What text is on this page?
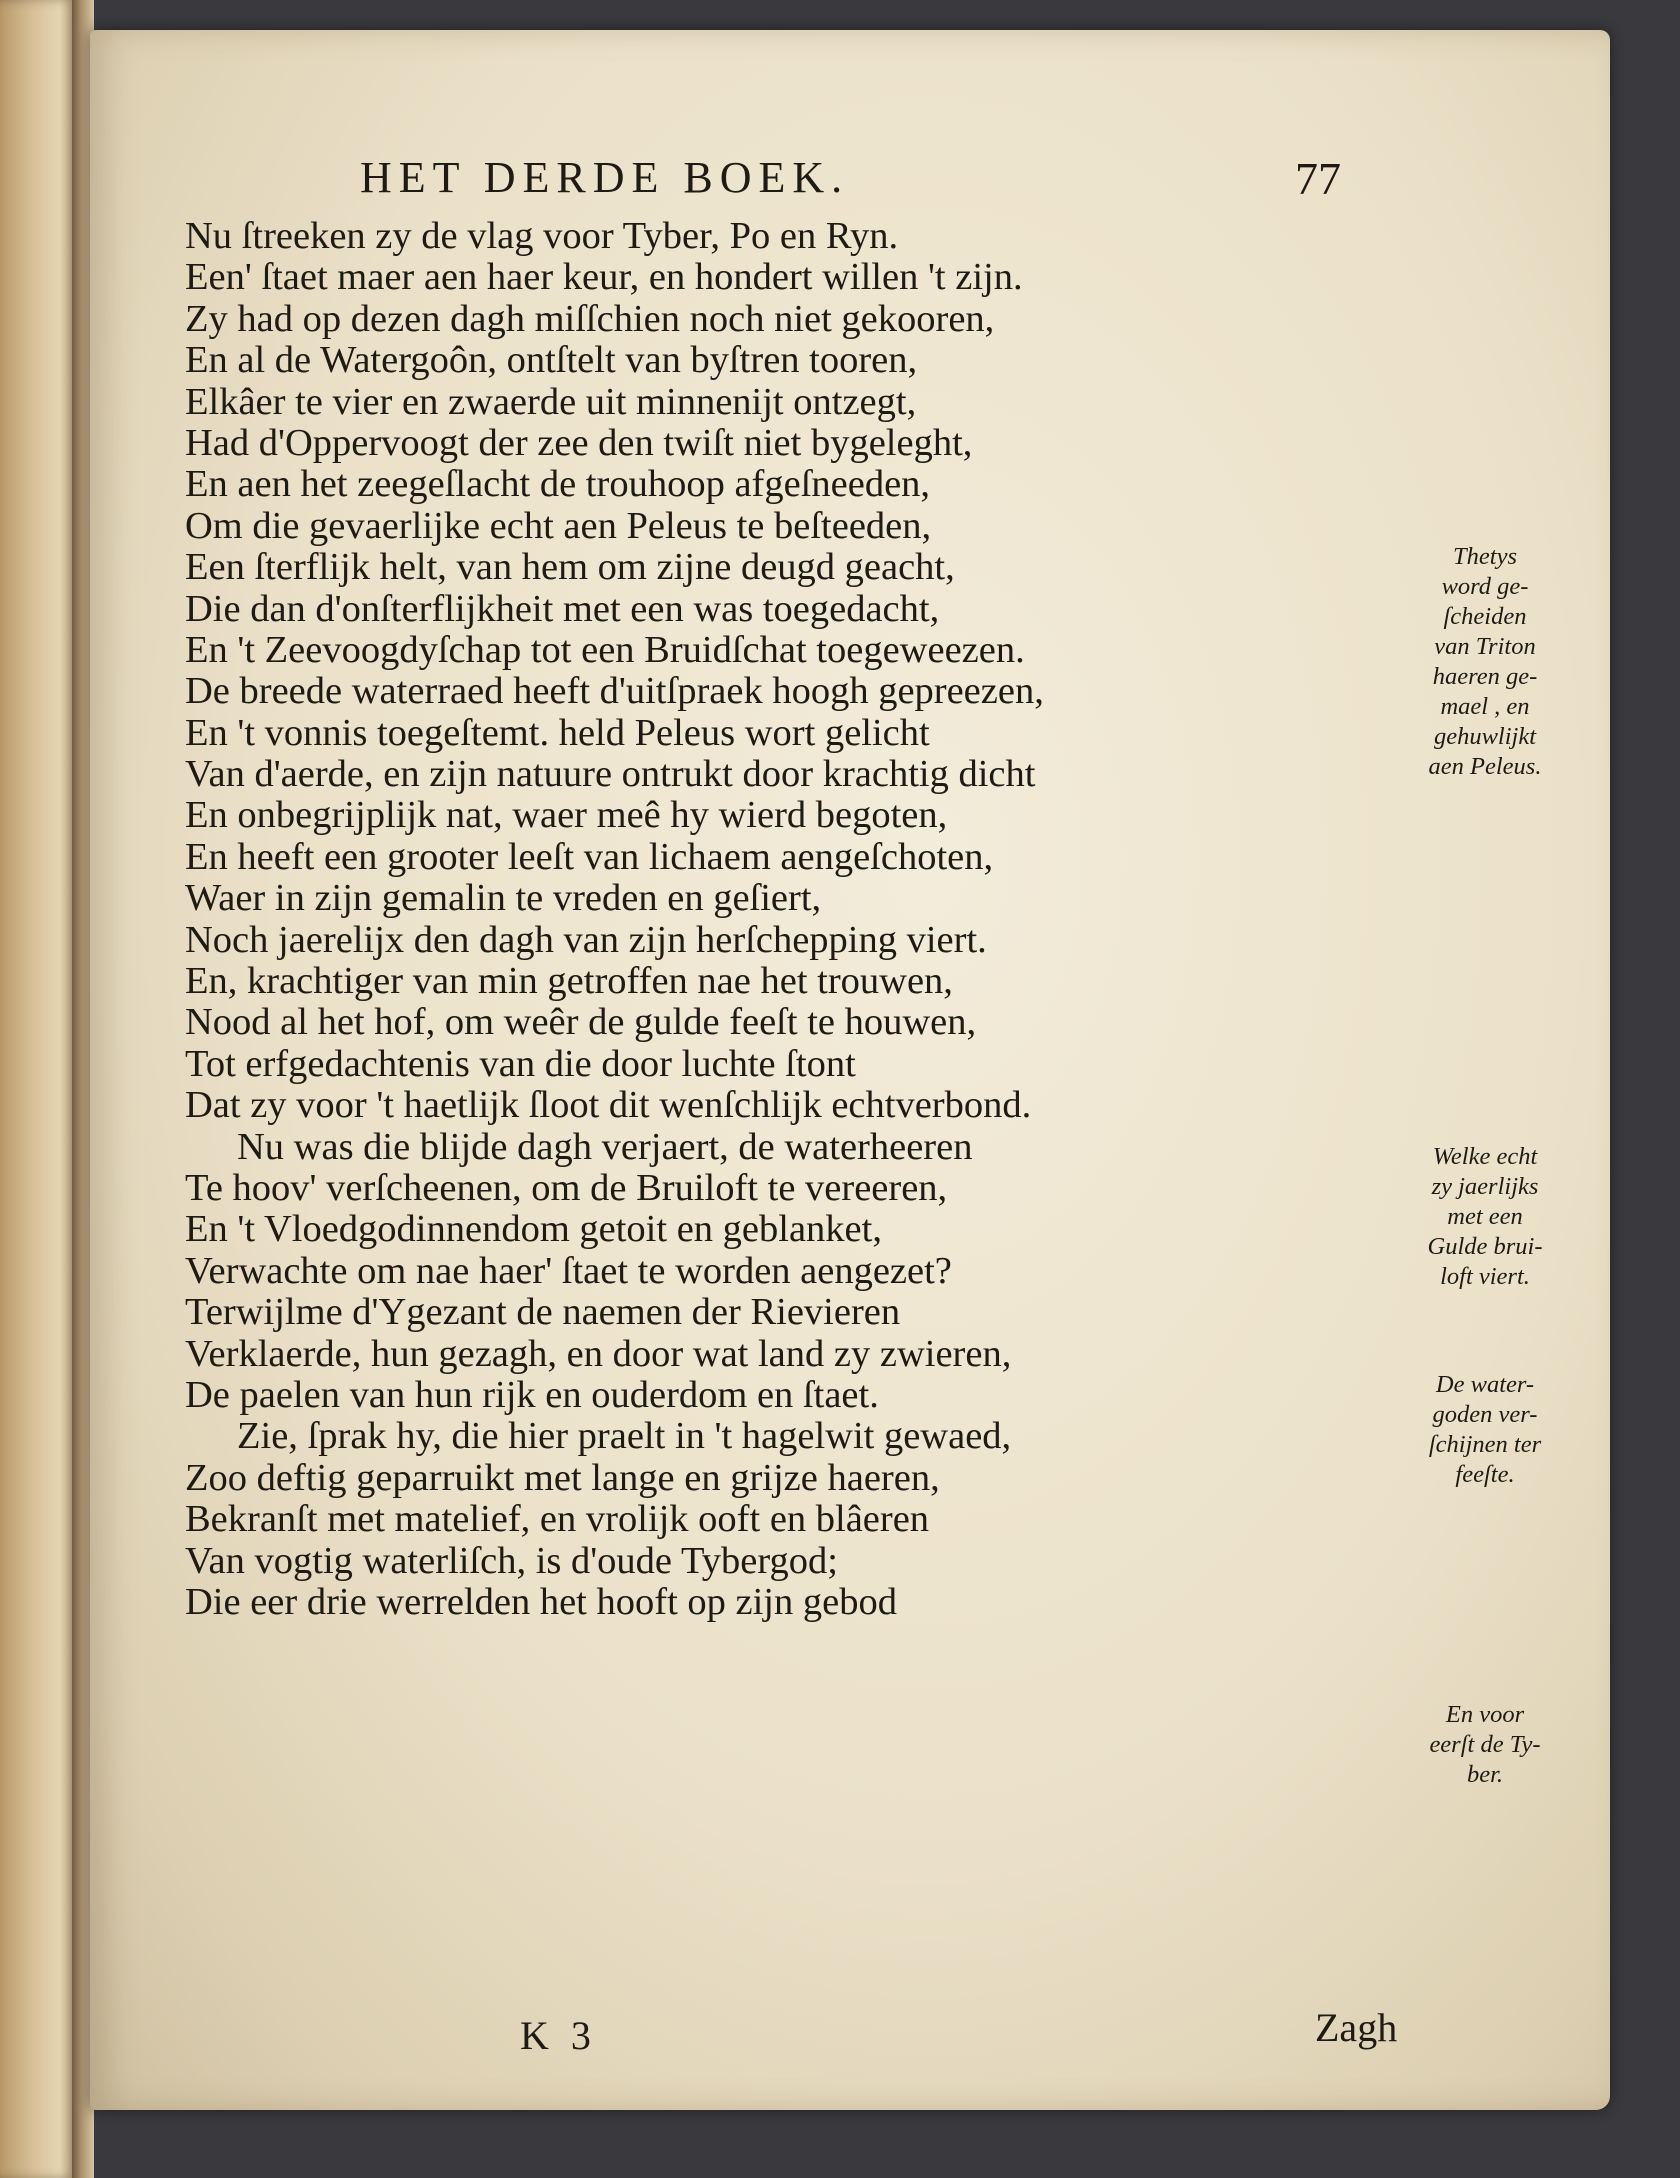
HET DERDE BOEK.	77
Nu ſtreeken zy de vlag voor Tyber, Po en Ryn.
Een' ſtaet maer aen haer keur, en hondert willen 't zijn.
Zy had op dezen dagh miſſchien noch niet gekooren,
En al de Watergoôn, ontſtelt van byſtren tooren,
Elkâer te vier en zwaerde uit minnenijt ontzegt,
Had d'Oppervoogt der zee den twiſt niet bygeleght,
En aen het zeegeſlacht de trouhoop afgeſneeden,
Om die gevaerlijke echt aen Peleus te beſteeden,
Een ſterflijk helt, van hem om zijne deugd geacht,
Die dan d'onſterflijkheit met een was toegedacht,
En 't Zeevoogdyſchap tot een Bruidſchat toegeweezen.
De breede waterraed heeft d'uitſpraek hoogh gepreezen,
En 't vonnis toegeſtemt. held Peleus wort gelicht
Van d'aerde, en zijn natuure ontrukt door krachtig dicht
En onbegrijplijk nat, waer meê hy wierd begoten,
En heeft een grooter leeſt van lichaem aengeſchoten,
Waer in zijn gemalin te vreden en geſiert,
Noch jaerelijx den dagh van zijn herſchepping viert.
En, krachtiger van min getroffen nae het trouwen,
Nood al het hof, om weêr de gulde feeſt te houwen,
Tot erfgedachtenis van die door luchte ſtont
Dat zy voor 't haetlijk ſloot dit wenſchlijk echtverbond.
Nu was die blijde dagh verjaert, de waterheeren
Te hoov' verſcheenen, om de Bruiloft te vereeren,
En 't Vloedgodinnendom getoit en geblanket,
Verwachte om nae haer' ſtaet te worden aengezet?
Terwijlme d'Ygezant de naemen der Rievieren
Verklaerde, hun gezagh, en door wat land zy zwieren,
De paelen van hun rijk en ouderdom en ſtaet.
Zie, ſprak hy, die hier praelt in 't hagelwit gewaed,
Zoo deftig geparruikt met lange en grijze haeren,
Bekranſt met matelief, en vrolijk ooft en blâeren
Van vogtig waterliſch, is d'oude Tybergod;
Die eer drie werrelden het hooft op zijn gebod
Thetys
word ge-
ſcheiden
van Triton
haeren ge-
mael , en
gehuwlijkt
aen Peleus.
Welke echt
zy jaerlijks
met een
Gulde brui-
loft viert.
De water-
goden ver-
ſchijnen ter
feeſte.
En voor
eerſt de Ty-
ber.
K 3	Zagh
